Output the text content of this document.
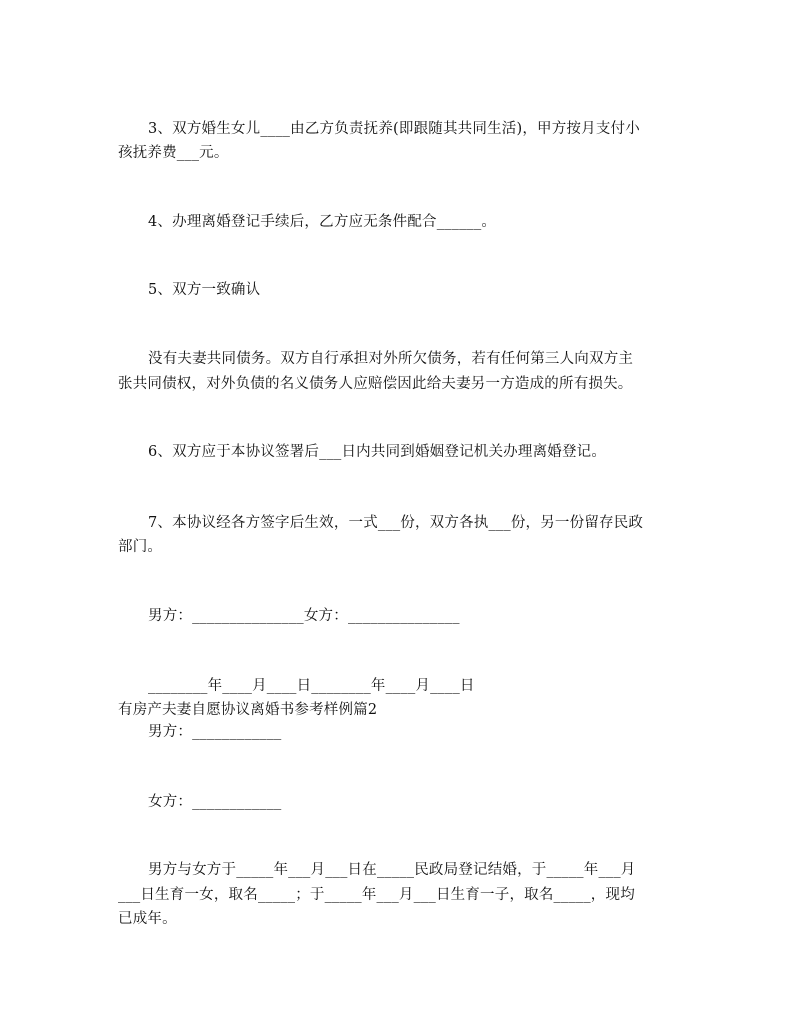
3、双方婚生女儿____由乙方负责抚养(即跟随其共同生活)，甲方按月支付小
孩抚养费___元。
4、办理离婚登记手续后，乙方应无条件配合______。
5、双方一致确认
没有夫妻共同债务。双方自行承担对外所欠债务，若有任何第三人向双方主
张共同债权，对外负债的名义债务人应赔偿因此给夫妻另一方造成的所有损失。
6、双方应于本协议签署后___日内共同到婚姻登记机关办理离婚登记。
7、本协议经各方签字后生效，一式___份，双方各执___份，另一份留存民政
部门。
男方：_______________女方：_______________
________年____月____日________年____月____日
有房产夫妻自愿协议离婚书参考样例篇2
男方：____________
女方：____________
男方与女方于_____年___月___日在_____民政局登记结婚，于_____年___月
___日生育一女，取名_____；于_____年___月___日生育一子，取名_____，现均
已成年。
